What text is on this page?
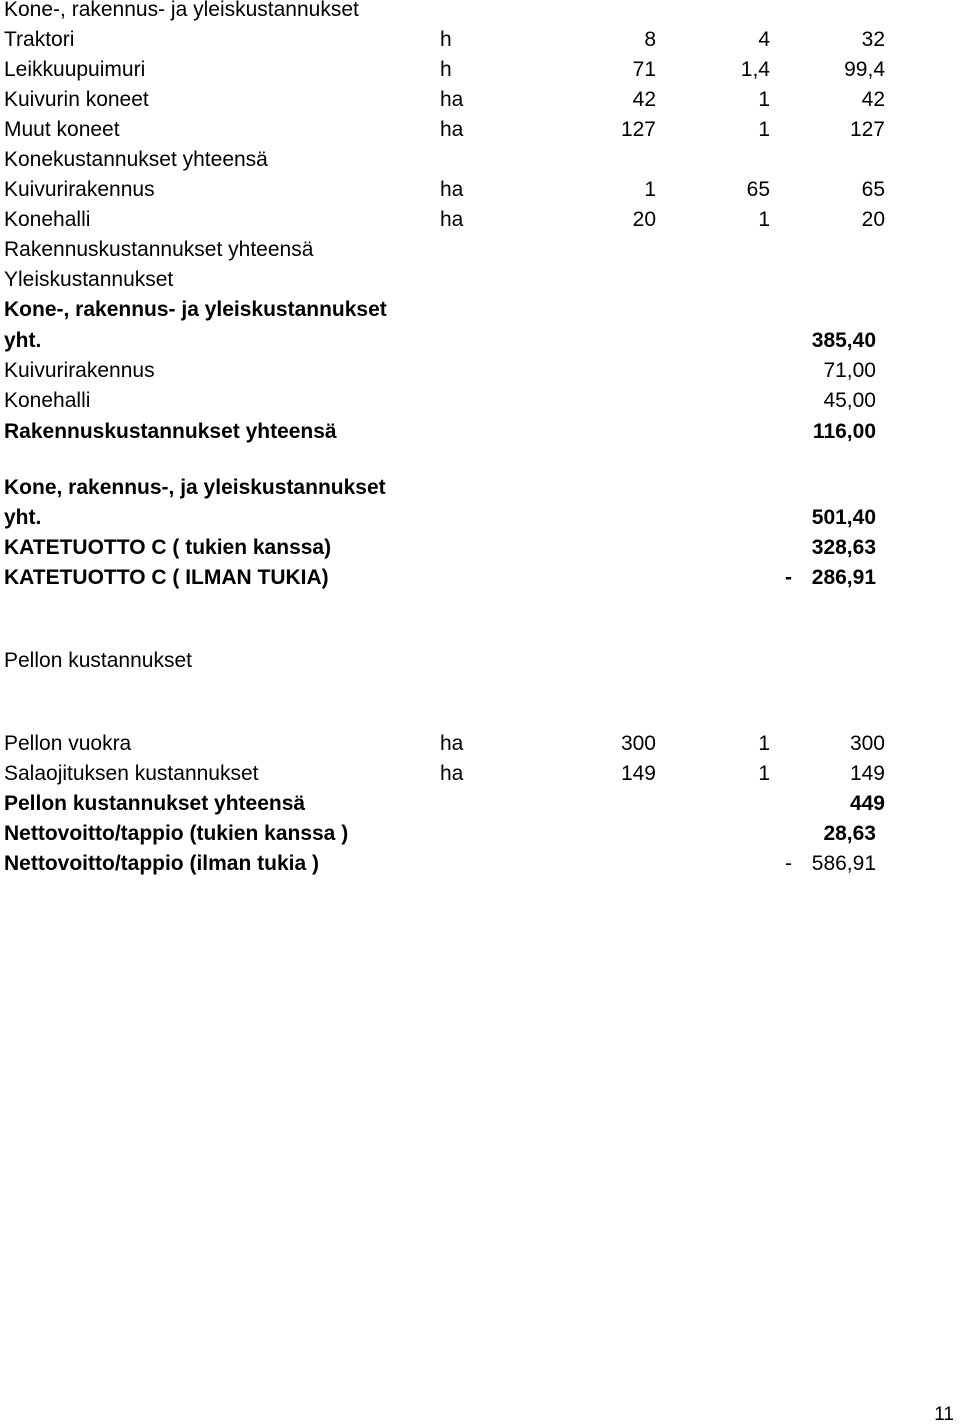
Kone-, rakennus- ja yleiskustannukset
Traktori	h	8	4	32
Leikkuupuimuri	h	71	1,4	99,4
Kuivurin koneet	ha	42	1	42
Muut koneet	ha	127	1	127
Konekustannukset yhteensä
Kuivurirakennus	ha	1	65	65
Konehalli	ha	20	1	20
Rakennuskustannukset yhteensä
Yleiskustannukset
Kone-, rakennus- ja yleiskustannukset
yht.	385,40
Kuivurirakennus	71,00
Konehalli	45,00
Rakennuskustannukset yhteensä	116,00
Kone, rakennus-, ja yleiskustannukset
yht.	501,40
KATETUOTTO C ( tukien kanssa)	328,63
KATETUOTTO C ( ILMAN TUKIA)	- 286,91
Pellon kustannukset
Pellon vuokra	ha	300	1	300
Salaojituksen kustannukset	ha	149	1	149
Pellon kustannukset yhteensä	449
Nettovoitto/tappio (tukien kanssa )	28,63
Nettovoitto/tappio (ilman tukia )	- 586,91
11
